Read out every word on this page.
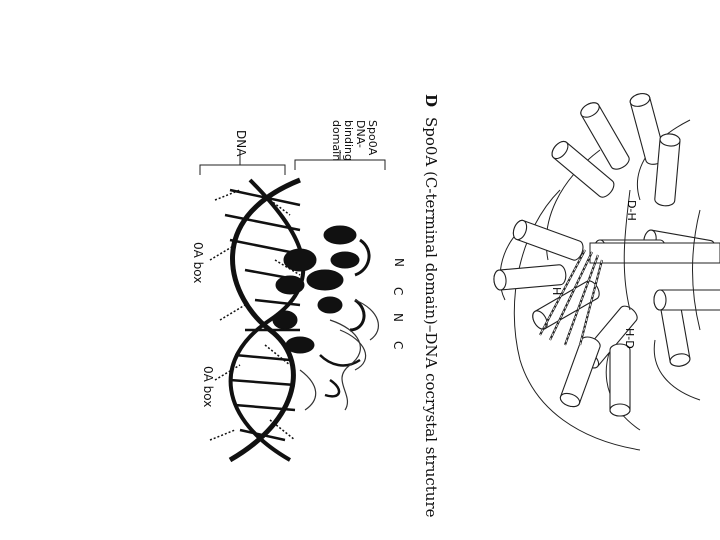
D-H
H
H-D
DSpo0A (C-terminal domain)–DNA cocrystal structure
Spo0A
DNA-
binding
domain
DNA
N
C
N
C
0A box
0A box
